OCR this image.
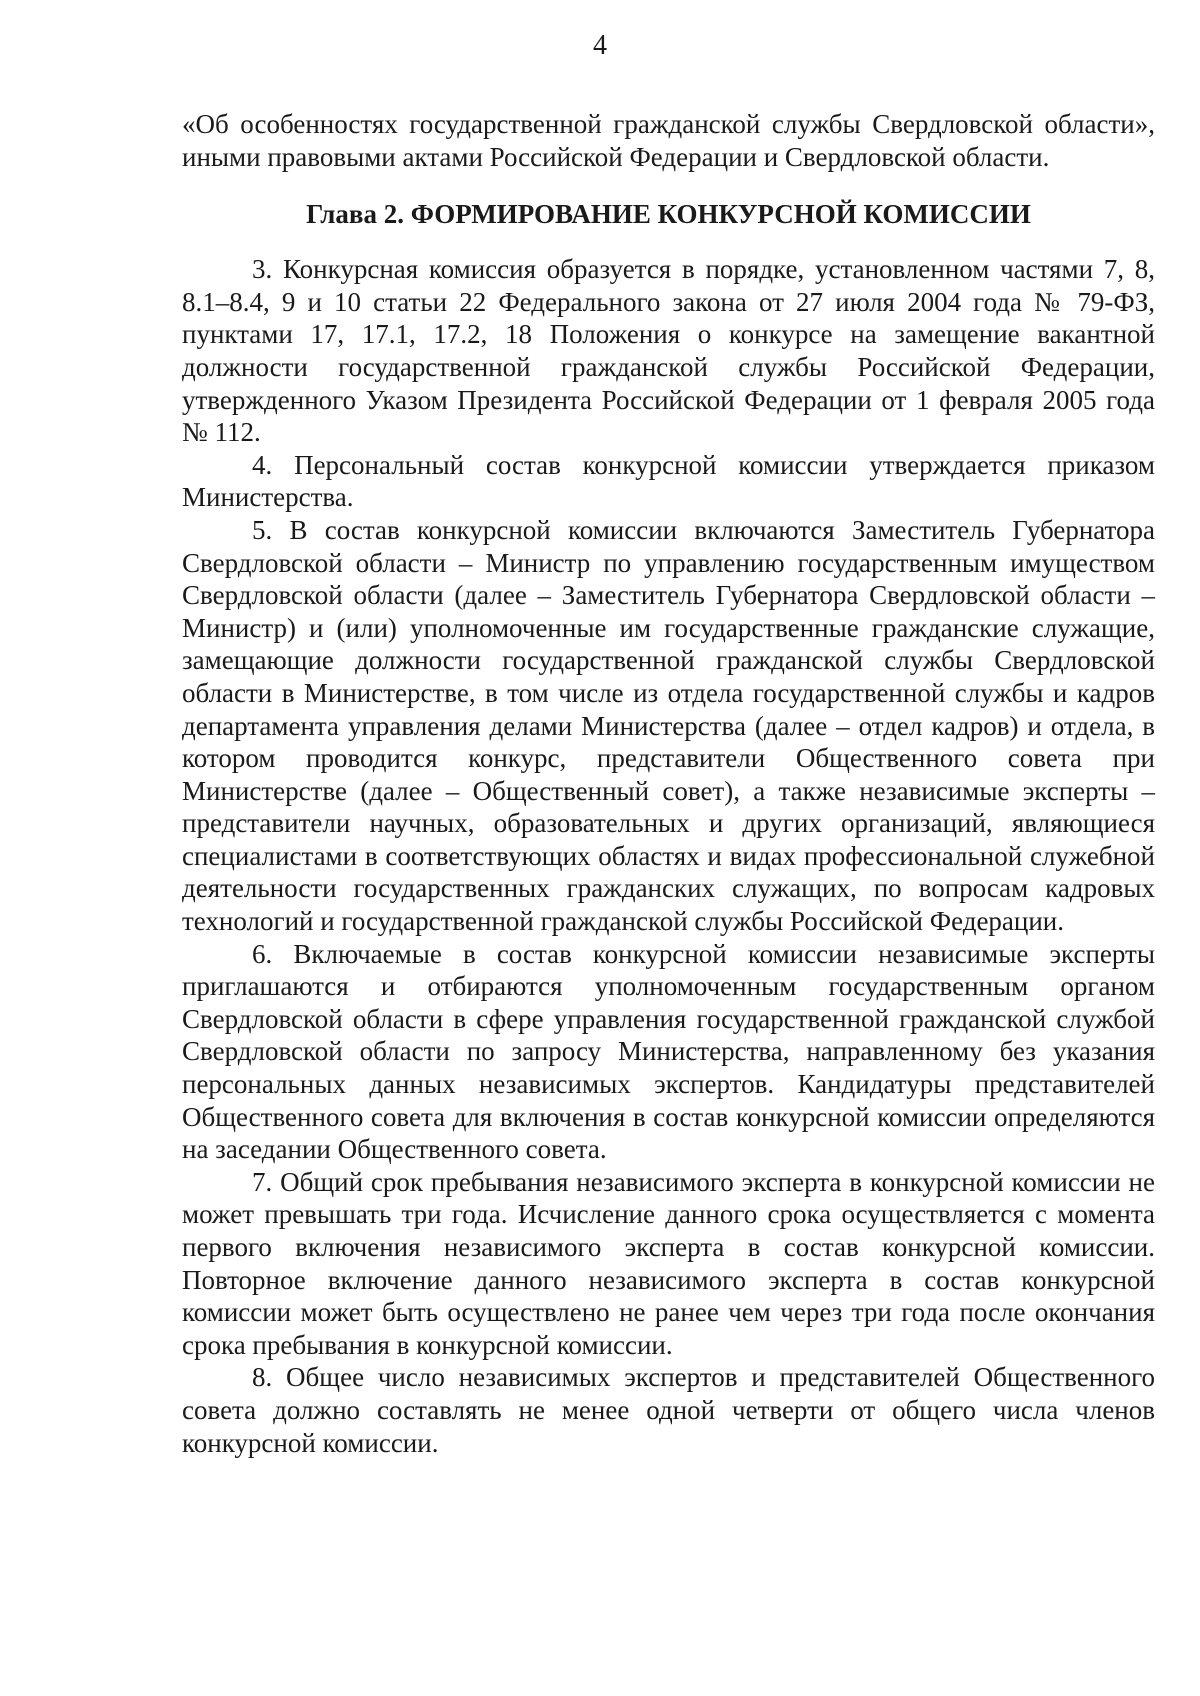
4

«Об особенностях государственной гражданской службы Свердловской области», иными правовыми актами Российской Федерации и Свердловской области.

Глава 2. ФОРМИРОВАНИЕ КОНКУРСНОЙ КОМИССИИ

3. Конкурсная комиссия образуется в порядке, установленном частями 7, 8, 8.1–8.4, 9 и 10 статьи 22 Федерального закона от 27 июля 2004 года № 79-ФЗ, пунктами 17, 17.1, 17.2, 18 Положения о конкурсе на замещение вакантной должности государственной гражданской службы Российской Федерации, утвержденного Указом Президента Российской Федерации от 1 февраля 2005 года № 112.

4. Персональный состав конкурсной комиссии утверждается приказом Министерства.

5. В состав конкурсной комиссии включаются Заместитель Губернатора Свердловской области – Министр по управлению государственным имуществом Свердловской области (далее – Заместитель Губернатора Свердловской области – Министр) и (или) уполномоченные им государственные гражданские служащие, замещающие должности государственной гражданской службы Свердловской области в Министерстве, в том числе из отдела государственной службы и кадров департамента управления делами Министерства (далее – отдел кадров) и отдела, в котором проводится конкурс, представители Общественного совета при Министерстве (далее – Общественный совет), а также независимые эксперты – представители научных, образовательных и других организаций, являющиеся специалистами в соответствующих областях и видах профессиональной служебной деятельности государственных гражданских служащих, по вопросам кадровых технологий и государственной гражданской службы Российской Федерации.

6. Включаемые в состав конкурсной комиссии независимые эксперты приглашаются и отбираются уполномоченным государственным органом Свердловской области в сфере управления государственной гражданской службой Свердловской области по запросу Министерства, направленному без указания персональных данных независимых экспертов. Кандидатуры представителей Общественного совета для включения в состав конкурсной комиссии определяются на заседании Общественного совета.

7. Общий срок пребывания независимого эксперта в конкурсной комиссии не может превышать три года. Исчисление данного срока осуществляется с момента первого включения независимого эксперта в состав конкурсной комиссии. Повторное включение данного независимого эксперта в состав конкурсной комиссии может быть осуществлено не ранее чем через три года после окончания срока пребывания в конкурсной комиссии.

8. Общее число независимых экспертов и представителей Общественного совета должно составлять не менее одной четверти от общего числа членов конкурсной комиссии.
